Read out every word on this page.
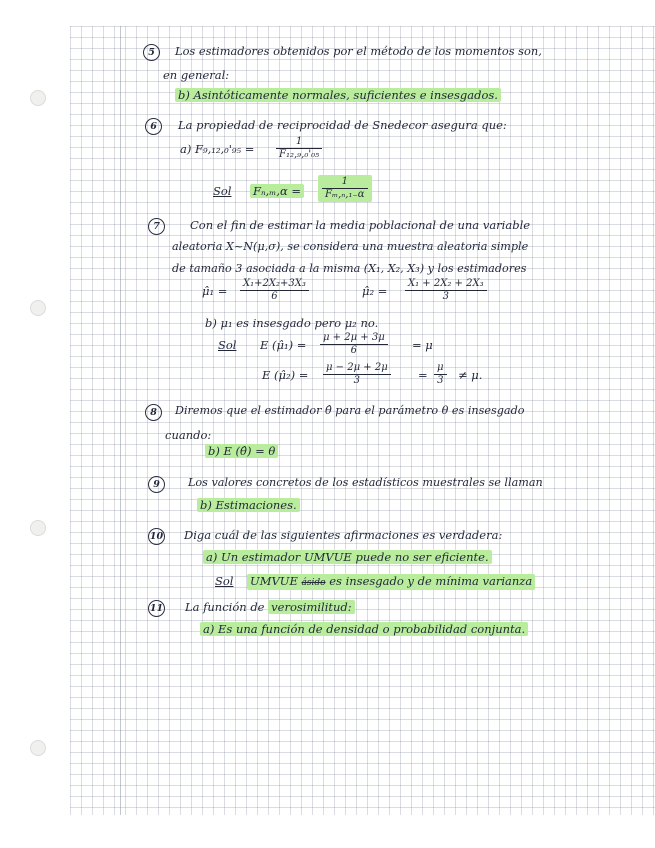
5	Los estimadores obtenidos por el método de los momentos son,
en general:
b) Asintóticamente normales, suficientes e insesgados.
6	La propiedad de reciprocidad de Snedecor asegura que:
a) $F_9,_{12},_0'_{95} = \frac{1}{\text{F₁₂,₉,₀'₀₅}}$
Sol Fₙ,ₘ,α =	$\frac{1}{\text{Fₘ,ₙ,₁₋α}}$
7	Con el fin de estimar la media poblacional de una variable
aleatoria X~N(μ,σ), se considera una muestra aleatoria simple
de tamaño 3 asociada a la misma (X₁, X₂, X₃) y los estimadores
μ̂₁ = $\frac{\text{X₁+2X₂+3X₃}}{6}$	μ̂₂ = $\frac{\text{X₁ + 2X₂ + 2X₃}}{3}$
b) μ₁ es insesgado pero μ₂ no.
Sol E (μ̂₁) = $\frac{\mu + 2\mu + 3\mu}{6} = \mu$
E (μ̂₂) = $\frac{\mu - 2\mu + 2\mu}{3} = \frac{\mu}{3} \ne \mu$.
8	Diremos que el estimador θ̂ para el parámetro θ es insesgado
cuando:
b) E (θ̂) = θ
9	Los valores concretos de los estadísticos muestrales se llaman
b) Estimaciones.
10 Diga cuál de las siguientes afirmaciones es verdadera:
a) Un estimador UMVUE puede no ser eficiente.
Sol UMVUE ásido es insesgado y de mínima varianza
11 La función de verosimilitud:
a) Es una función de densidad o probabilidad conjunta.
